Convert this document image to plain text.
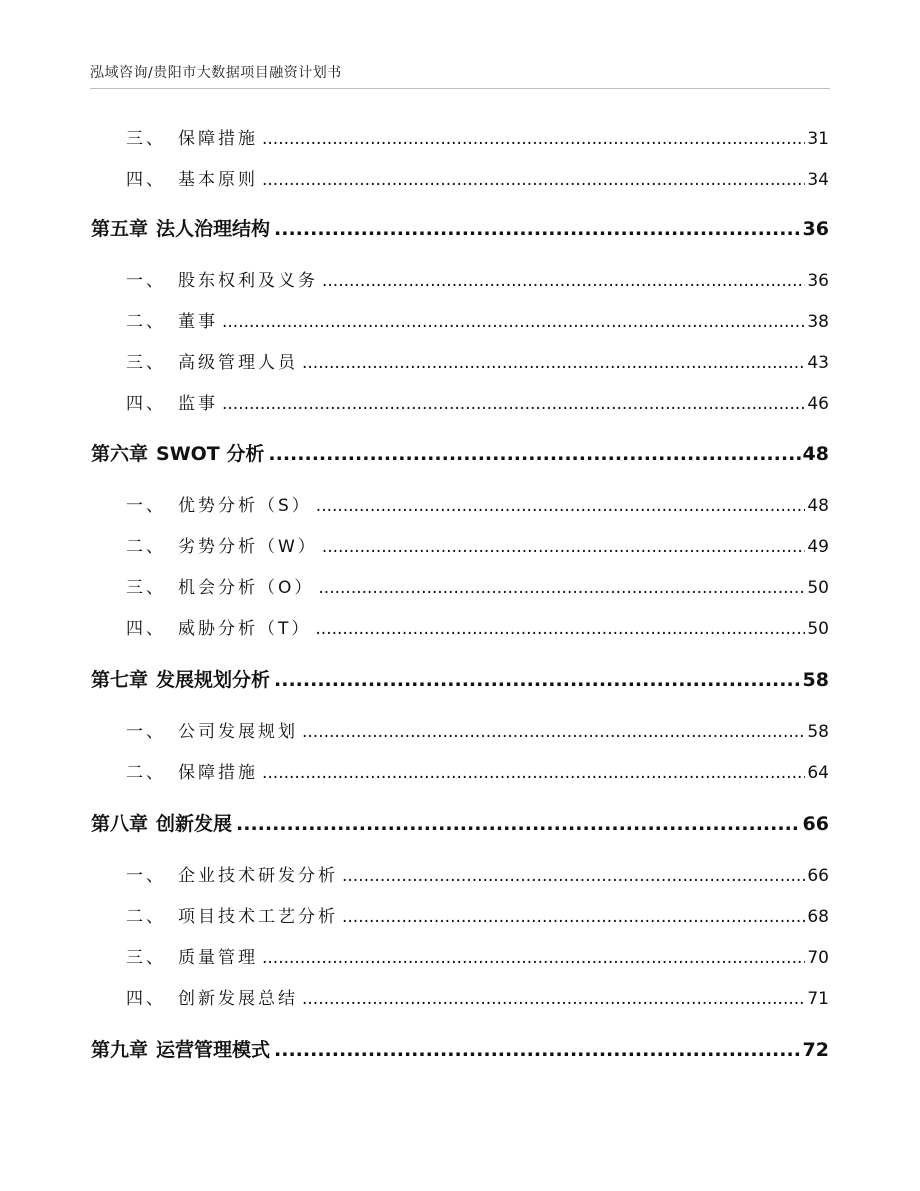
泓域咨询/贵阳市大数据项目融资计划书
三、 保障措施 .....	31
四、 基本原则 .....	34
第五章 法人治理结构 .....	36
一、 股东权利及义务 .....	36
二、 董事 .....	38
三、 高级管理人员 .....	43
四、 监事 .....	46
第六章 SWOT 分析 .....	48
一、 优势分析（S） .....	48
二、 劣势分析（W） .....	49
三、 机会分析（O） .....	50
四、 威胁分析（T） .....	50
第七章 发展规划分析 .....	58
一、 公司发展规划 .....	58
二、 保障措施 .....	64
第八章 创新发展 .....	66
一、 企业技术研发分析 .....	66
二、 项目技术工艺分析 .....	68
三、 质量管理 .....	70
四、 创新发展总结 .....	71
第九章 运营管理模式 .....	72
